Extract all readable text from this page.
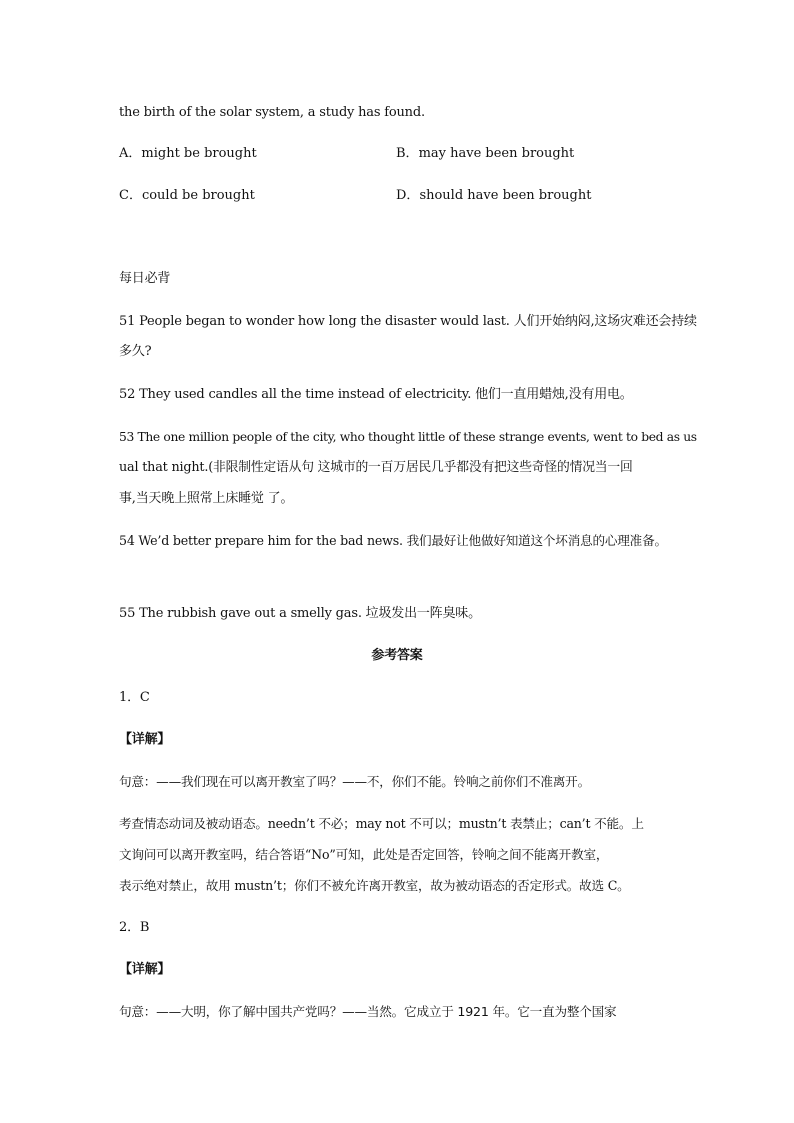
the birth of the solar system, a study has found.
A．might be brought	B．may have been brought
C．could be brought	D．should have been brought
每日必背
51 People began to wonder how long the disaster would last. 人们开始纳闷,这场灾难还会持续
多久?
52 They used candles all the time instead of electricity. 他们一直用蜡烛,没有用电。
53 The one million people of the city, who thought little of these strange events, went to bed as us
ual that night.(非限制性定语从句 这城市的一百万居民几乎都没有把这些奇怪的情况当一回
事,当天晚上照常上床睡觉 了。
54 We’d better prepare him for the bad news. 我们最好让他做好知道这个坏消息的心理准备。
55 The rubbish gave out a smelly gas. 垃圾发出一阵臭味。
参考答案
1．C
【详解】
句意：——我们现在可以离开教室了吗？——不，你们不能。铃响之前你们不准离开。
考查情态动词及被动语态。needn’t 不必；may not 不可以；mustn’t 表禁止；can’t 不能。上
文询问可以离开教室吗，结合答语“No”可知，此处是否定回答，铃响之间不能离开教室，
表示绝对禁止，故用 mustn’t；你们不被允许离开教室，故为被动语态的否定形式。故选 C。
2．B
【详解】
句意：——大明，你了解中国共产党吗？——当然。它成立于 1921 年。它一直为整个国家
